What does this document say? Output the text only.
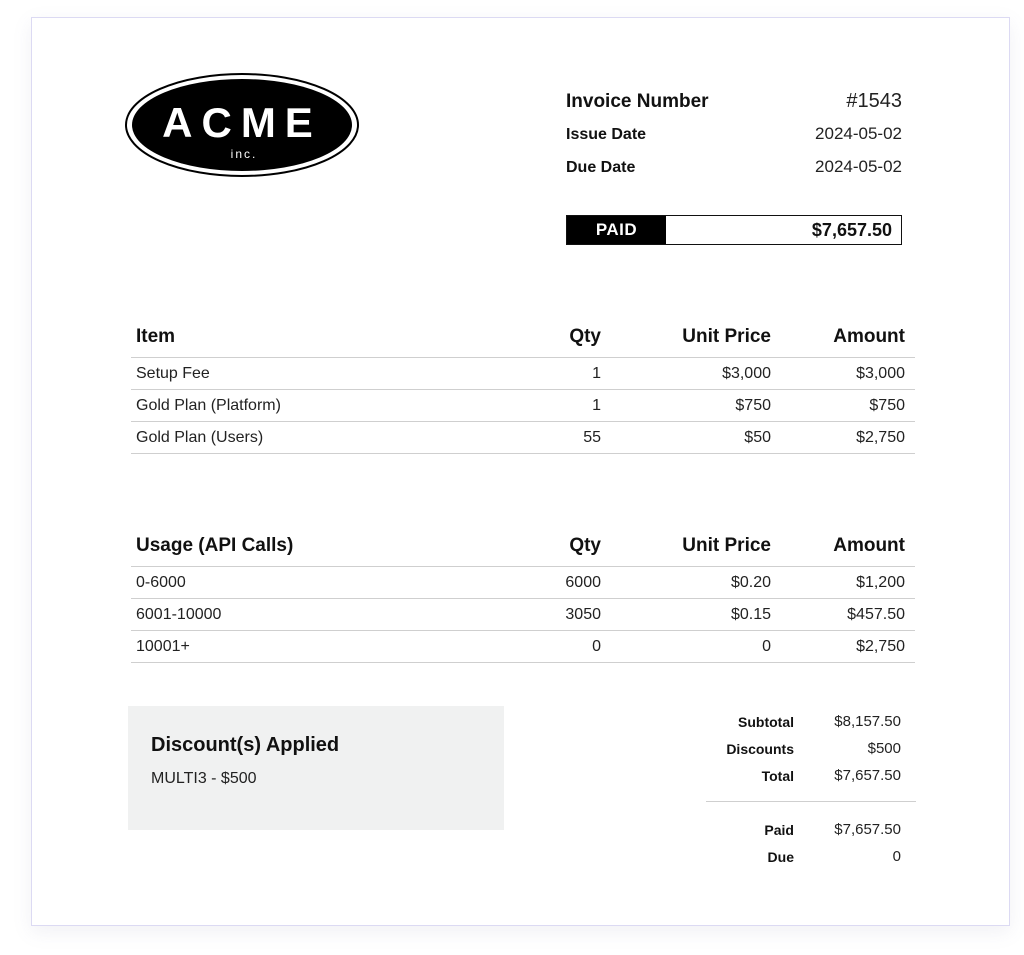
ACME
inc.
Invoice Number	#1543
Issue Date	2024-05-02
Due Date	2024-05-02
PAID	$7,657.50
Item	Qty	Unit Price	Amount
Setup Fee	1	$3,000	$3,000
Gold Plan (Platform)	1	$750	$750
Gold Plan (Users)	55	$50	$2,750
Usage (API Calls)	Qty	Unit Price	Amount
0-6000	6000	$0.20	$1,200
6001-10000	3050	$0.15	$457.50
10001+	0	0	$2,750
Discount(s) Applied
MULTI3 - $500
Subtotal	$8,157.50
Discounts	$500
Total	$7,657.50
Paid	$7,657.50
Due	0
